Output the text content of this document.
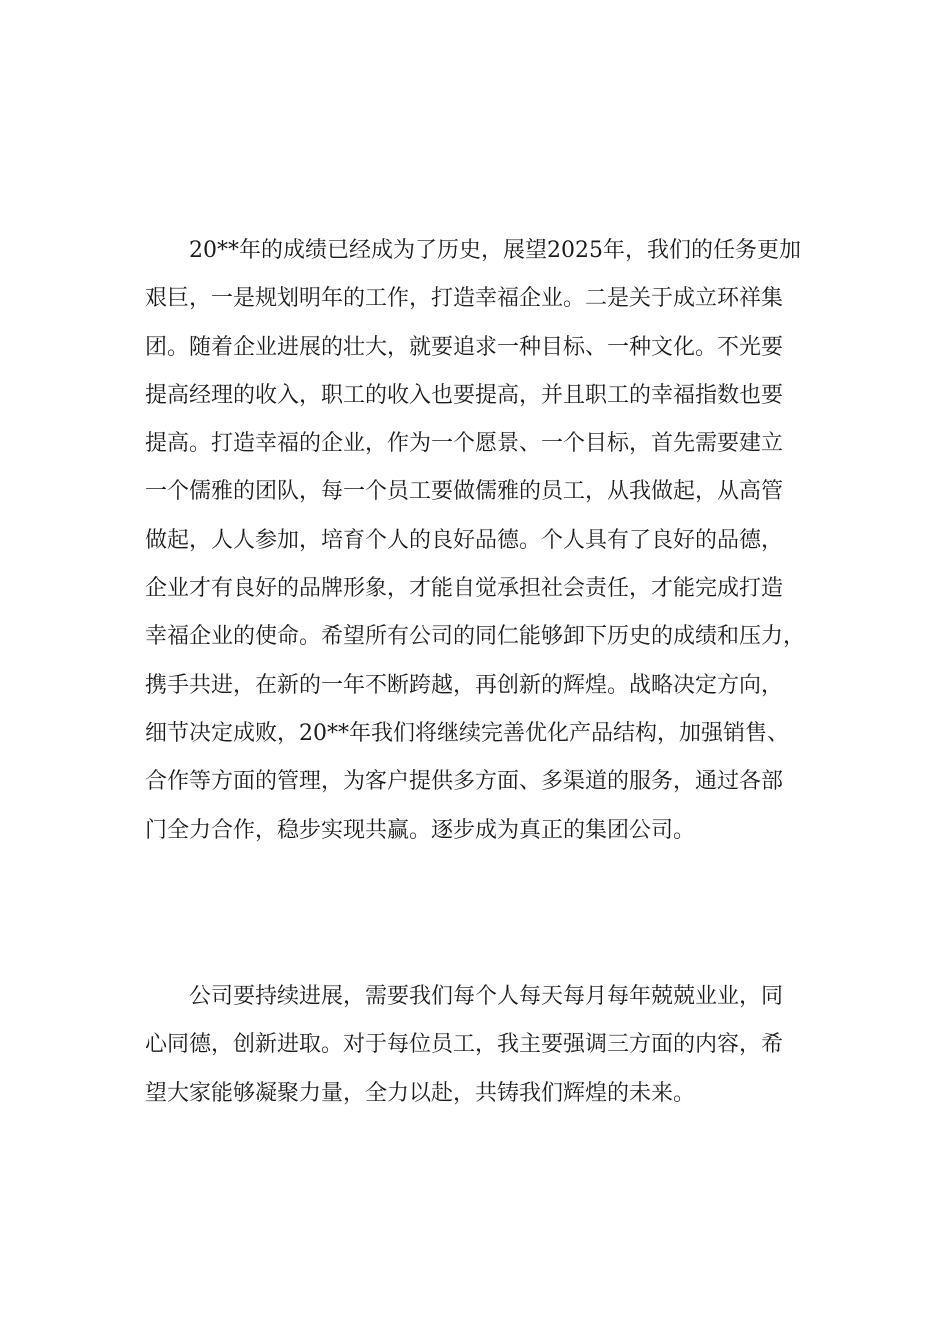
20**年的成绩已经成为了历史，展望2025年，我们的任务更加
艰巨，一是规划明年的工作，打造幸福企业。二是关于成立环祥集
团。随着企业进展的壮大，就要追求一种目标、一种文化。不光要
提高经理的收入，职工的收入也要提高，并且职工的幸福指数也要
提高。打造幸福的企业，作为一个愿景、一个目标，首先需要建立
一个儒雅的团队，每一个员工要做儒雅的员工，从我做起，从高管
做起，人人参加，培育个人的良好品德。个人具有了良好的品德，
企业才有良好的品牌形象，才能自觉承担社会责任，才能完成打造
幸福企业的使命。希望所有公司的同仁能够卸下历史的成绩和压力，
携手共进，在新的一年不断跨越，再创新的辉煌。战略决定方向，
细节决定成败，20**年我们将继续完善优化产品结构，加强销售、
合作等方面的管理，为客户提供多方面、多渠道的服务，通过各部
门全力合作，稳步实现共赢。逐步成为真正的集团公司。

公司要持续进展，需要我们每个人每天每月每年兢兢业业，同
心同德，创新进取。对于每位员工，我主要强调三方面的内容，希
望大家能够凝聚力量，全力以赴，共铸我们辉煌的未来。
